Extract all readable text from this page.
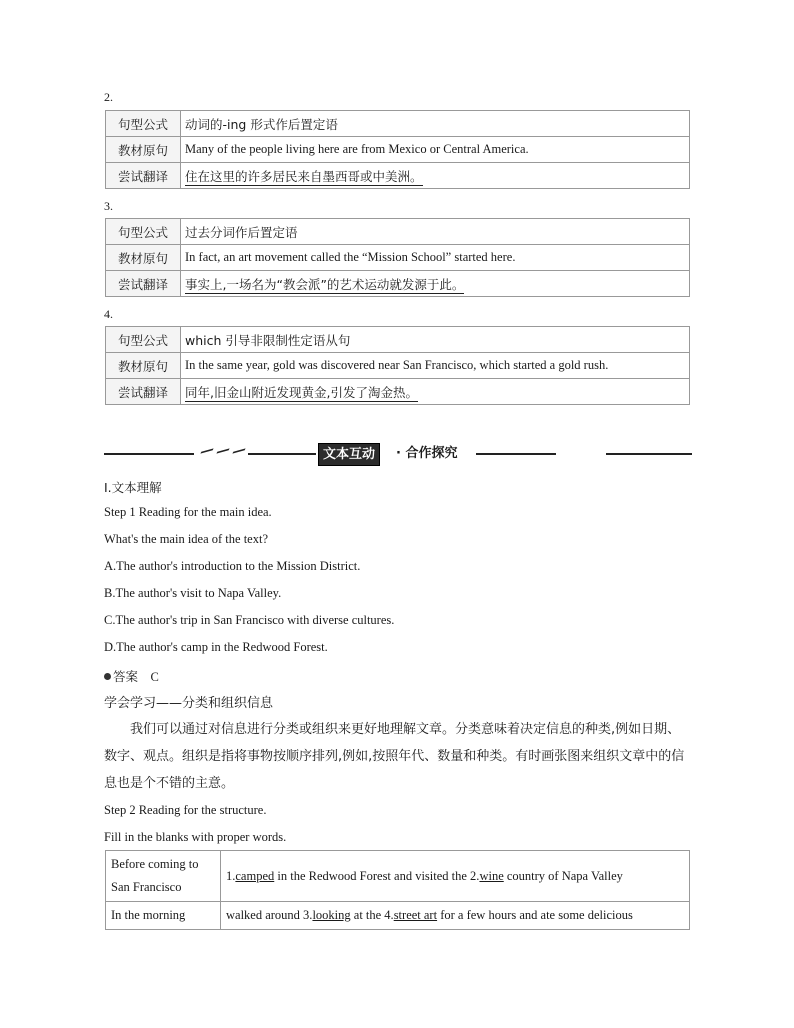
2.
句型公式	动词的-ing 形式作后置定语
教材原句	Many of the people living here are from Mexico or Central America.
尝试翻译	住在这里的许多居民来自墨西哥或中美洲。
3.
句型公式	过去分词作后置定语
教材原句	In fact, an art movement called the “Mission School” started here.
尝试翻译	事实上,一场名为“教会派”的艺术运动就发源于此。
4.
句型公式	which 引导非限制性定语从句
教材原句	In the same year, gold was discovered near San Francisco, which started a gold rush.
尝试翻译	同年,旧金山附近发现黄金,引发了淘金热。
文本互动	· 合作探究
Ⅰ.文本理解
Step 1 Reading for the main idea.
What's the main idea of the text?
A.The author's introduction to the Mission District.
B.The author's visit to Napa Valley.
C.The author's trip in San Francisco with diverse cultures.
D.The author's camp in the Redwood Forest.
答案 C
学会学习——分类和组织信息
我们可以通过对信息进行分类或组织来更好地理解文章。分类意味着决定信息的种类,例如日期、数字、观点。组织是指将事物按顺序排列,例如,按照年代、数量和种类。有时画张图来组织文章中的信息也是个不错的主意。
Step 2 Reading for the structure.
Fill in the blanks with proper words.
Before coming to San Francisco	1.camped in the Redwood Forest and visited the 2.wine country of Napa Valley
In the morning	walked around 3.looking at the 4.street art for a few hours and ate some delicious
